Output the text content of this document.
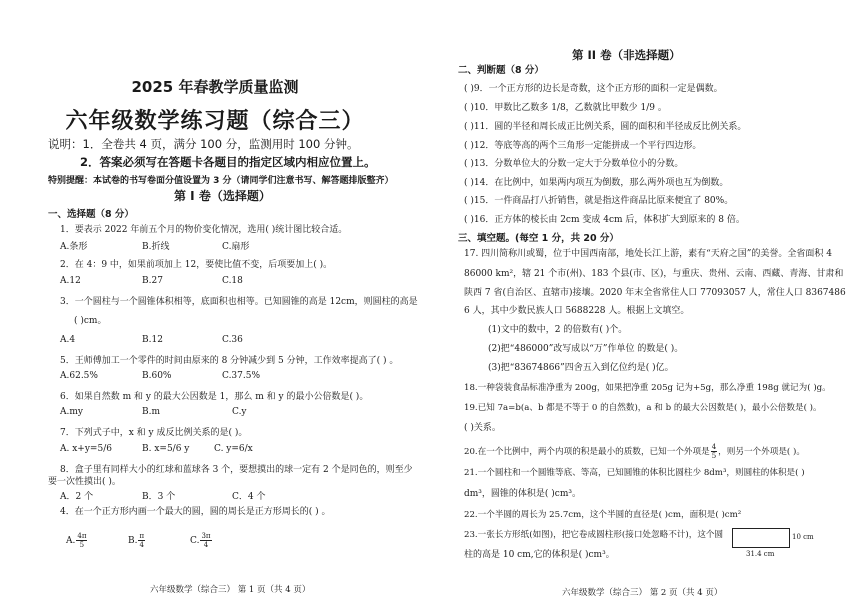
2025 年春教学质量监测
六年级数学练习题（综合三）
说明：1．全卷共 4 页，满分 100 分，监测用时 100 分钟。
2．答案必须写在答题卡各题目的指定区域内相应位置上。
特别提醒：本试卷的书写卷面分值设置为 3 分（请同学们注意书写、解答题排版整齐）
第 I 卷（选择题）
一、选择题（8 分）
1．要表示 2022 年前五个月的物价变化情况，选用( )统计图比较合适。
A.条形	B.折线	C.扇形
2．在 4：9 中，如果前项加上 12，要使比值不变，后项要加上( )。
A.12	B.27	C.18
3．一个圆柱与一个圆锥体积相等，底面积也相等。已知圆锥的高是 12cm，则圆柱的高是
( )cm。
A.4	B.12	C.36
5．王师傅加工一个零件的时间由原来的 8 分钟减少到 5 分钟，工作效率提高了( ) 。
A.62.5%	B.60%	C.37.5%
6．如果自然数 m 和 y 的最大公因数是 1，那么 m 和 y 的最小公倍数是( )。
A.my	B.m	C.y
7．下列式子中，x 和 y 成反比例关系的是( )。
A. x+y=5/6	B. x=5/6 y	C. y=6/x
8．盒子里有同样大小的红球和蓝球各 3 个，要想摸出的球一定有 2 个是同色的，则至少
要一次性摸出( )。
A．2 个	B．3 个	C．4 个
4．在一个正方形内画一个最大的圆，圆的周长是正方形周长的( ) 。
A. $\frac{4\pi}{5}$	B. $\frac{\pi}{4}$	C. $\frac{3\pi}{4}$
六年级数学（综合三） 第 1 页（共 4 页）
第 II 卷（非选择题）
二、判断题（8 分）
( )9．一个正方形的边长是奇数，这个正方形的面积一定是偶数。
( )10．甲数比乙数多 1/8，乙数就比甲数少 1/9 。
( )11．圆的半径和周长成正比例关系，圆的面积和半径成反比例关系。
( )12．等底等高的两个三角形一定能拼成一个平行四边形。
( )13．分数单位大的分数一定大于分数单位小的分数。
( )14．在比例中，如果两内项互为倒数，那么两外项也互为倒数。
( )15．一件商品打八折销售，就是指这件商品比原来便宜了 80%。
( )16．正方体的棱长由 2cm 变成 4cm 后，体积扩大到原来的 8 倍。
三、填空题。(每空 1 分，共 20 分）
17. 四川简称川或蜀，位于中国西南部，地处长江上游，素有“天府之国”的美誉。全省面积 4
86000 km²，辖 21 个市(州)、183 个县(市、区)，与重庆、贵州、云南、西藏、青海、甘肃和
陕西 7 省(自治区、直辖市)接壤。2020 年末全省常住人口 77093057 人，常住人口 8367486
6 人，其中少数民族人口 5688228 人。根据上文填空。
(1)文中的数中，2 的倍数有( )个。
(2)把“486000”改写成以“万”作单位 的数是( )。
(3)把“83674866”四舍五入到亿位约是( )亿。
18.一种袋装食品标准净重为 200g，如果把净重 205g 记为+5g，那么净重 198g 就记为( )g。
19.已知 7a=b(a、b 都是不等于 0 的自然数)，a 和 b 的最大公因数是( )，最小公倍数是( )。
( )关系。
20.在一个比例中，两个内项的积是最小的质数，已知一个外项是 $\frac{4}{5}$ ，则另一个外项是( )。
21.一个圆柱和一个圆锥等底、等高，已知圆锥的体积比圆柱少 8dm³，则圆柱的体积是( )
dm³，圆锥的体积是( )cm³。
22.一个半圆的周长为 25.7cm，这个半圆的直径是( )cm，面积是( )cm²
23.一张长方形纸(如图)，把它卷成圆柱形(接口处忽略不计)，这个圆
柱的高是 10 cm,它的体积是( )cm³。
10 cm
31.4 cm
六年级数学（综合三） 第 2 页（共 4 页）
